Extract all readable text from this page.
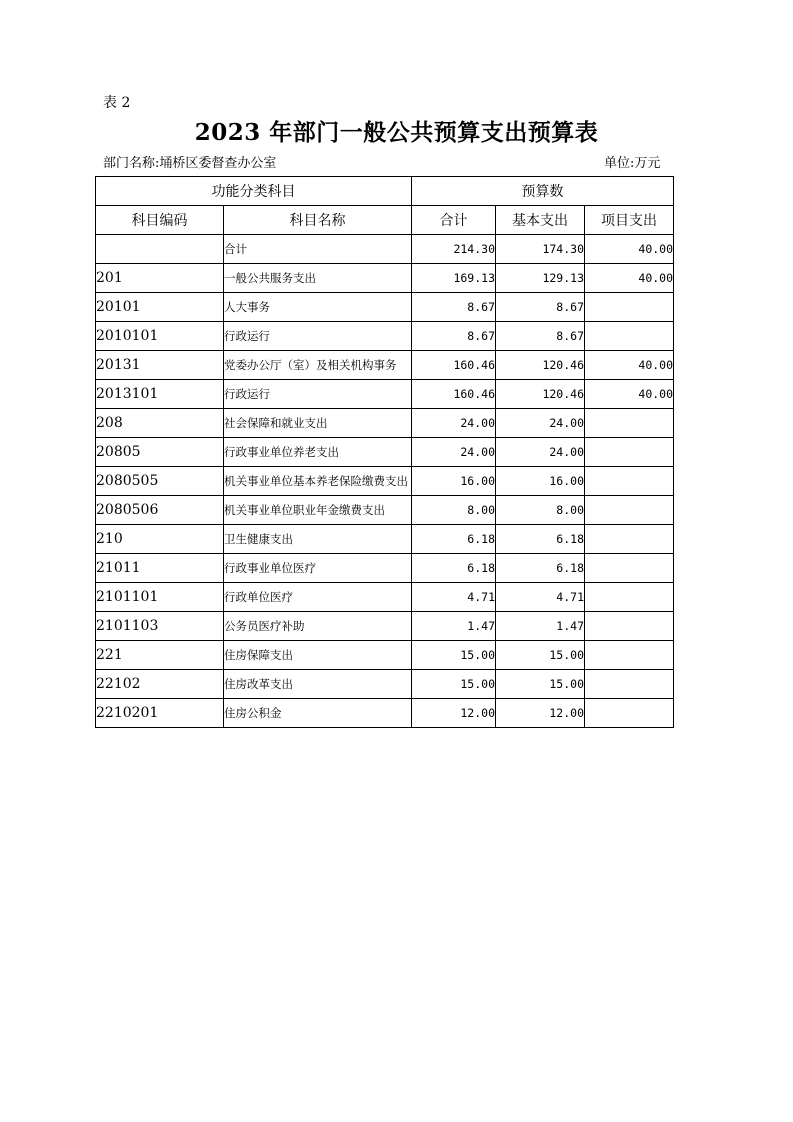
表 2
2023 年部门一般公共预算支出预算表
部门名称:埇桥区委督查办公室	单位:万元
功能分类科目		预算数		
科目编码	科目名称	合计	基本支出	项目支出
	合计	214.30	174.30	40.00
201	一般公共服务支出	169.13	129.13	40.00
20101	人大事务	8.67	8.67	
2010101	行政运行	8.67	8.67	
20131	党委办公厅（室）及相关机构事务	160.46	120.46	40.00
2013101	行政运行	160.46	120.46	40.00
208	社会保障和就业支出	24.00	24.00	
20805	行政事业单位养老支出	24.00	24.00	
2080505	机关事业单位基本养老保险缴费支出	16.00	16.00	
2080506	机关事业单位职业年金缴费支出	8.00	8.00	
210	卫生健康支出	6.18	6.18	
21011	行政事业单位医疗	6.18	6.18	
2101101	行政单位医疗	4.71	4.71	
2101103	公务员医疗补助	1.47	1.47	
221	住房保障支出	15.00	15.00	
22102	住房改革支出	15.00	15.00	
2210201	住房公积金	12.00	12.00	
